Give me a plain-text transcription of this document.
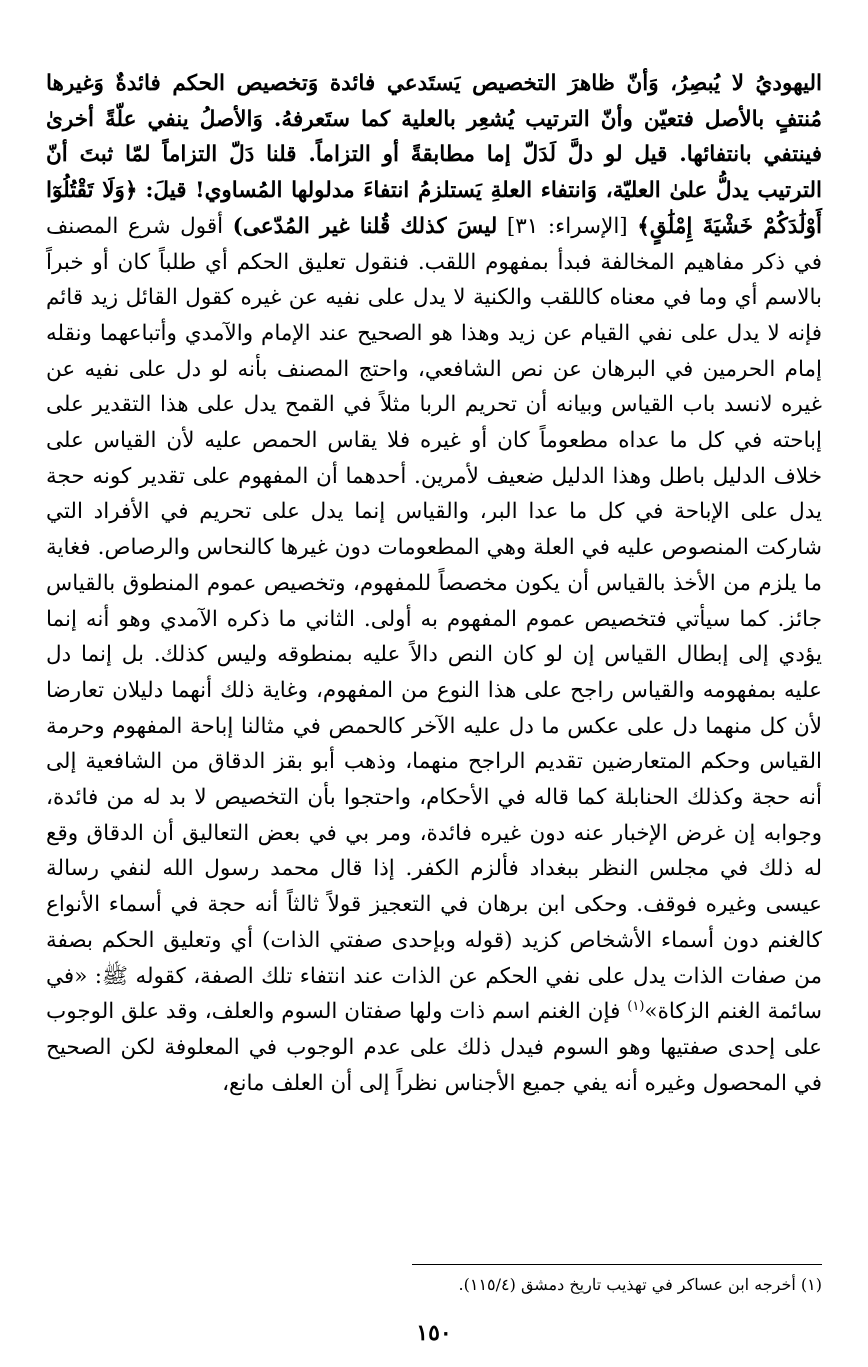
اليهوديُ لا يُبصِرُ، وَأنّ ظاهرَ التخصيص يَستَدعي فائدة وَتخصيص الحكم فائدةٌ وَغيرها مُنتفٍ بالأصل فتعيّن وأنّ الترتيب يُشعِر بالعلية كما ستَعرفهُ. وَالأصلُ ينفي علّةً أخرىٰ فينتفي بانتفائها. قيل لو دلَّ لَدَلّ إما مطابقةً أو التزاماً. قلنا دَلّ التزاماً لمّا ثبتَ أنّ الترتيب يدلُّ علىٰ العليّة، وَانتفاء العلةِ يَستلزمُ انتفاءَ مدلولها المُساوي! قيلَ: ﴿وَلَا تَقْتُلُوٓا أَوْلَٰدَكُمْ خَشْيَةَ إِمْلَٰقٍ﴾ [الإسراء: ٣١] ليسَ كذلك قُلنا غير المُدّعى) أقول شرع المصنف في ذكر مفاهيم المخالفة فبدأ بمفهوم اللقب. فنقول تعليق الحكم أي طلباً كان أو خبراً بالاسم أي وما في معناه كاللقب والكنية لا يدل على نفيه عن غيره كقول القائل زيد قائم فإنه لا يدل على نفي القيام عن زيد وهذا هو الصحيح عند الإمام والآمدي وأتباعهما ونقله إمام الحرمين في البرهان عن نص الشافعي، واحتج المصنف بأنه لو دل على نفيه عن غيره لانسد باب القياس وبيانه أن تحريم الربا مثلاً في القمح يدل على هذا التقدير على إباحته في كل ما عداه مطعوماً كان أو غيره فلا يقاس الحمص عليه لأن القياس على خلاف الدليل باطل وهذا الدليل ضعيف لأمرين. أحدهما أن المفهوم على تقدير كونه حجة يدل على الإباحة في كل ما عدا البر، والقياس إنما يدل على تحريم في الأفراد التي شاركت المنصوص عليه في العلة وهي المطعومات دون غيرها كالنحاس والرصاص. فغاية ما يلزم من الأخذ بالقياس أن يكون مخصصاً للمفهوم، وتخصيص عموم المنطوق بالقياس جائز. كما سيأتي فتخصيص عموم المفهوم به أولى. الثاني ما ذكره الآمدي وهو أنه إنما يؤدي إلى إبطال القياس إن لو كان النص دالاً عليه بمنطوقه وليس كذلك. بل إنما دل عليه بمفهومه والقياس راجح على هذا النوع من المفهوم، وغاية ذلك أنهما دليلان تعارضا لأن كل منهما دل على عكس ما دل عليه الآخر كالحمص في مثالنا إباحة المفهوم وحرمة القياس وحكم المتعارضين تقديم الراجح منهما، وذهب أبو بقز الدقاق من الشافعية إلى أنه حجة وكذلك الحنابلة كما قاله في الأحكام، واحتجوا بأن التخصيص لا بد له من فائدة، وجوابه إن غرض الإخبار عنه دون غيره فائدة، ومر بي في بعض التعاليق أن الدقاق وقع له ذلك في مجلس النظر ببغداد فألزم الكفر. إذا قال محمد رسول الله لنفي رسالة عيسى وغيره فوقف. وحكى ابن برهان في التعجيز قولاً ثالثاً أنه حجة في أسماء الأنواع كالغنم دون أسماء الأشخاص كزيد (قوله وبإحدى صفتي الذات) أي وتعليق الحكم بصفة من صفات الذات يدل على نفي الحكم عن الذات عند انتفاء تلك الصفة، كقوله ﷺ: «في سائمة الغنم الزكاة»$^{(١)}$ فإن الغنم اسم ذات ولها صفتان السوم والعلف، وقد علق الوجوب على إحدى صفتيها وهو السوم فيدل ذلك على عدم الوجوب في المعلوفة لكن الصحيح في المحصول وغيره أنه يفي جميع الأجناس نظراً إلى أن العلف مانع،

(١) أخرجه ابن عساكر في تهذيب تاريخ دمشق (١١٥/٤).
١٥٠
